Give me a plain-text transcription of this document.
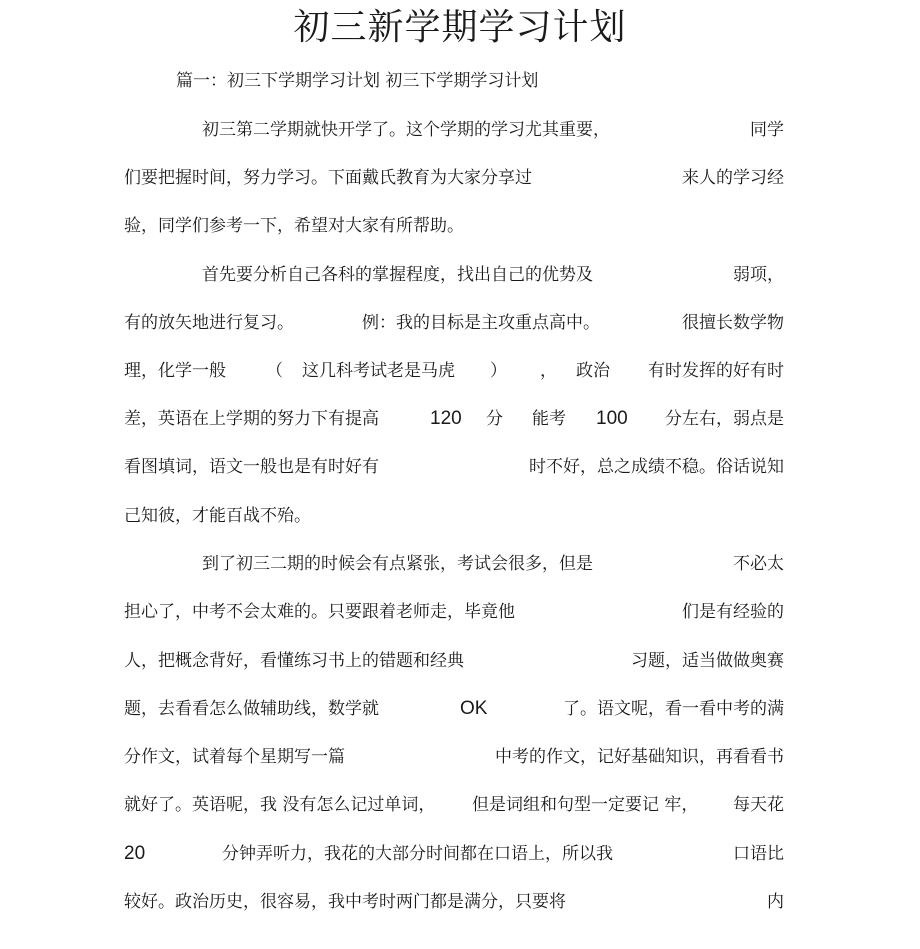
初三新学期学习计划
篇一：初三下学期学习计划 初三下学期学习计划
初三第二学期就快开学了。这个学期的学习尤其重要，	同学
们要把握时间，努力学习。下面戴氏教育为大家分享过	来人的学习经
验，同学们参考一下，希望对大家有所帮助。
首先要分析自己各科的掌握程度，找出自己的优势及	弱项，
有的放矢地进行复习。	例：我的目标是主攻重点高中。	很擅长数学物
理，化学一般 （ 这几科考试老是马虎 ） ， 政治 有时发挥的好有时
差，英语在上学期的努力下有提高	120 分 能考 100 分左右，弱点是
看图填词，语文一般也是有时好有	时不好，总之成绩不稳。俗话说知
己知彼，才能百战不殆。
到了初三二期的时候会有点紧张，考试会很多，但是	不必太
担心了，中考不会太难的。只要跟着老师走，毕竟他	们是有经验的
人，把概念背好，看懂练习书上的错题和经典	习题，适当做做奥赛
题，去看看怎么做辅助线，数学就	OK	了。语文呢，看一看中考的满
分作文，试着每个星期写一篇	中考的作文，记好基础知识，再看看书
就好了。英语呢，我 没有怎么记过单词， 但是词组和句型一定要记 牢， 每天花
20	分钟弄听力，我花的大部分时间都在口语上，所以我	口语比
较好。政治历史，很容易，我中考时两门都是满分，只要将	内
